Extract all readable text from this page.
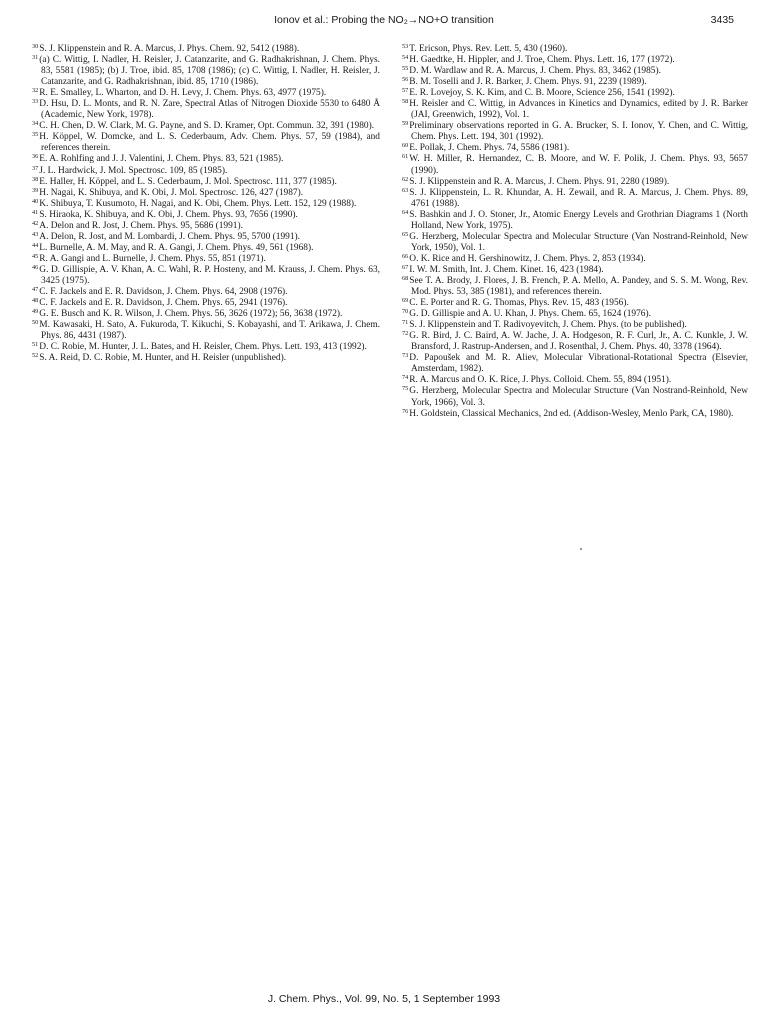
Ionov et al.: Probing the NO₂→NO+O transition	3435

$^{30}$S. J. Klippenstein and R. A. Marcus, J. Phys. Chem. 92, 5412 (1988).

$^{31}$(a) C. Wittig, I. Nadler, H. Reisler, J. Catanzarite, and G. Radhakrishnan, J. Chem. Phys. 83, 5581 (1985); (b) J. Troe, ibid. 85, 1708 (1986); (c) C. Wittig, I. Nadler, H. Reisler, J. Catanzarite, and G. Radhakrishnan, ibid. 85, 1710 (1986).

$^{32}$R. E. Smalley, L. Wharton, and D. H. Levy, J. Chem. Phys. 63, 4977 (1975).

$^{33}$D. Hsu, D. L. Monts, and R. N. Zare, Spectral Atlas of Nitrogen Dioxide 5530 to 6480 Å (Academic, New York, 1978).

$^{34}$C. H. Chen, D. W. Clark, M. G. Payne, and S. D. Kramer, Opt. Commun. 32, 391 (1980).

$^{35}$H. Köppel, W. Domcke, and L. S. Cederbaum, Adv. Chem. Phys. 57, 59 (1984), and references therein.

$^{36}$E. A. Rohlfing and J. J. Valentini, J. Chem. Phys. 83, 521 (1985).

$^{37}$J. L. Hardwick, J. Mol. Spectrosc. 109, 85 (1985).

$^{38}$E. Haller, H. Köppel, and L. S. Cederbaum, J. Mol. Spectrosc. 111, 377 (1985).

$^{39}$H. Nagai, K. Shibuya, and K. Obi, J. Mol. Spectrosc. 126, 427 (1987).

$^{40}$K. Shibuya, T. Kusumoto, H. Nagai, and K. Obi, Chem. Phys. Lett. 152, 129 (1988).

$^{41}$S. Hiraoka, K. Shibuya, and K. Obi, J. Chem. Phys. 93, 7656 (1990).

$^{42}$A. Delon and R. Jost, J. Chem. Phys. 95, 5686 (1991).

$^{43}$A. Delon, R. Jost, and M. Lombardi, J. Chem. Phys. 95, 5700 (1991).

$^{44}$L. Burnelle, A. M. May, and R. A. Gangi, J. Chem. Phys. 49, 561 (1968).

$^{45}$R. A. Gangi and L. Burnelle, J. Chem. Phys. 55, 851 (1971).

$^{46}$G. D. Gillispie, A. V. Khan, A. C. Wahl, R. P. Hosteny, and M. Krauss, J. Chem. Phys. 63, 3425 (1975).

$^{47}$C. F. Jackels and E. R. Davidson, J. Chem. Phys. 64, 2908 (1976).

$^{48}$C. F. Jackels and E. R. Davidson, J. Chem. Phys. 65, 2941 (1976).

$^{49}$G. E. Busch and K. R. Wilson, J. Chem. Phys. 56, 3626 (1972); 56, 3638 (1972).

$^{50}$M. Kawasaki, H. Sato, A. Fukuroda, T. Kikuchi, S. Kobayashi, and T. Arikawa, J. Chem. Phys. 86, 4431 (1987).

$^{51}$D. C. Robie, M. Hunter, J. L. Bates, and H. Reisler, Chem. Phys. Lett. 193, 413 (1992).

$^{52}$S. A. Reid, D. C. Robie, M. Hunter, and H. Reisler (unpublished).

$^{53}$T. Ericson, Phys. Rev. Lett. 5, 430 (1960).

$^{54}$H. Gaedtke, H. Hippler, and J. Troe, Chem. Phys. Lett. 16, 177 (1972).

$^{55}$D. M. Wardlaw and R. A. Marcus, J. Chem. Phys. 83, 3462 (1985).

$^{56}$B. M. Toselli and J. R. Barker, J. Chem. Phys. 91, 2239 (1989).

$^{57}$E. R. Lovejoy, S. K. Kim, and C. B. Moore, Science 256, 1541 (1992).

$^{58}$H. Reisler and C. Wittig, in Advances in Kinetics and Dynamics, edited by J. R. Barker (JAI, Greenwich, 1992), Vol. 1.

$^{59}$Preliminary observations reported in G. A. Brucker, S. I. Ionov, Y. Chen, and C. Wittig, Chem. Phys. Lett. 194, 301 (1992).

$^{60}$E. Pollak, J. Chem. Phys. 74, 5586 (1981).

$^{61}$W. H. Miller, R. Hernandez, C. B. Moore, and W. F. Polik, J. Chem. Phys. 93, 5657 (1990).

$^{62}$S. J. Klippenstein and R. A. Marcus, J. Chem. Phys. 91, 2280 (1989).

$^{63}$S. J. Klippenstein, L. R. Khundar, A. H. Zewail, and R. A. Marcus, J. Chem. Phys. 89, 4761 (1988).

$^{64}$S. Bashkin and J. O. Stoner, Jr., Atomic Energy Levels and Grothrian Diagrams 1 (North Holland, New York, 1975).

$^{65}$G. Herzberg, Molecular Spectra and Molecular Structure (Van Nostrand-Reinhold, New York, 1950), Vol. 1.

$^{66}$O. K. Rice and H. Gershinowitz, J. Chem. Phys. 2, 853 (1934).

$^{67}$I. W. M. Smith, Int. J. Chem. Kinet. 16, 423 (1984).

$^{68}$See T. A. Brody, J. Flores, J. B. French, P. A. Mello, A. Pandey, and S. S. M. Wong, Rev. Mod. Phys. 53, 385 (1981), and references therein.

$^{69}$C. E. Porter and R. G. Thomas, Phys. Rev. 15, 483 (1956).

$^{70}$G. D. Gillispie and A. U. Khan, J. Phys. Chem. 65, 1624 (1976).

$^{71}$S. J. Klippenstein and T. Radivoyevitch, J. Chem. Phys. (to be published).

$^{72}$G. R. Bird, J. C. Baird, A. W. Jache, J. A. Hodgeson, R. F. Curl, Jr., A. C. Kunkle, J. W. Bransford, J. Rastrup-Andersen, and J. Rosenthal, J. Chem. Phys. 40, 3378 (1964).

$^{73}$D. Papoušek and M. R. Aliev, Molecular Vibrational-Rotational Spectra (Elsevier, Amsterdam, 1982).

$^{74}$R. A. Marcus and O. K. Rice, J. Phys. Colloid. Chem. 55, 894 (1951).

$^{75}$G. Herzberg, Molecular Spectra and Molecular Structure (Van Nostrand-Reinhold, New York, 1966), Vol. 3.

$^{76}$H. Goldstein, Classical Mechanics, 2nd ed. (Addison-Wesley, Menlo Park, CA, 1980).

J. Chem. Phys., Vol. 99, No. 5, 1 September 1993
